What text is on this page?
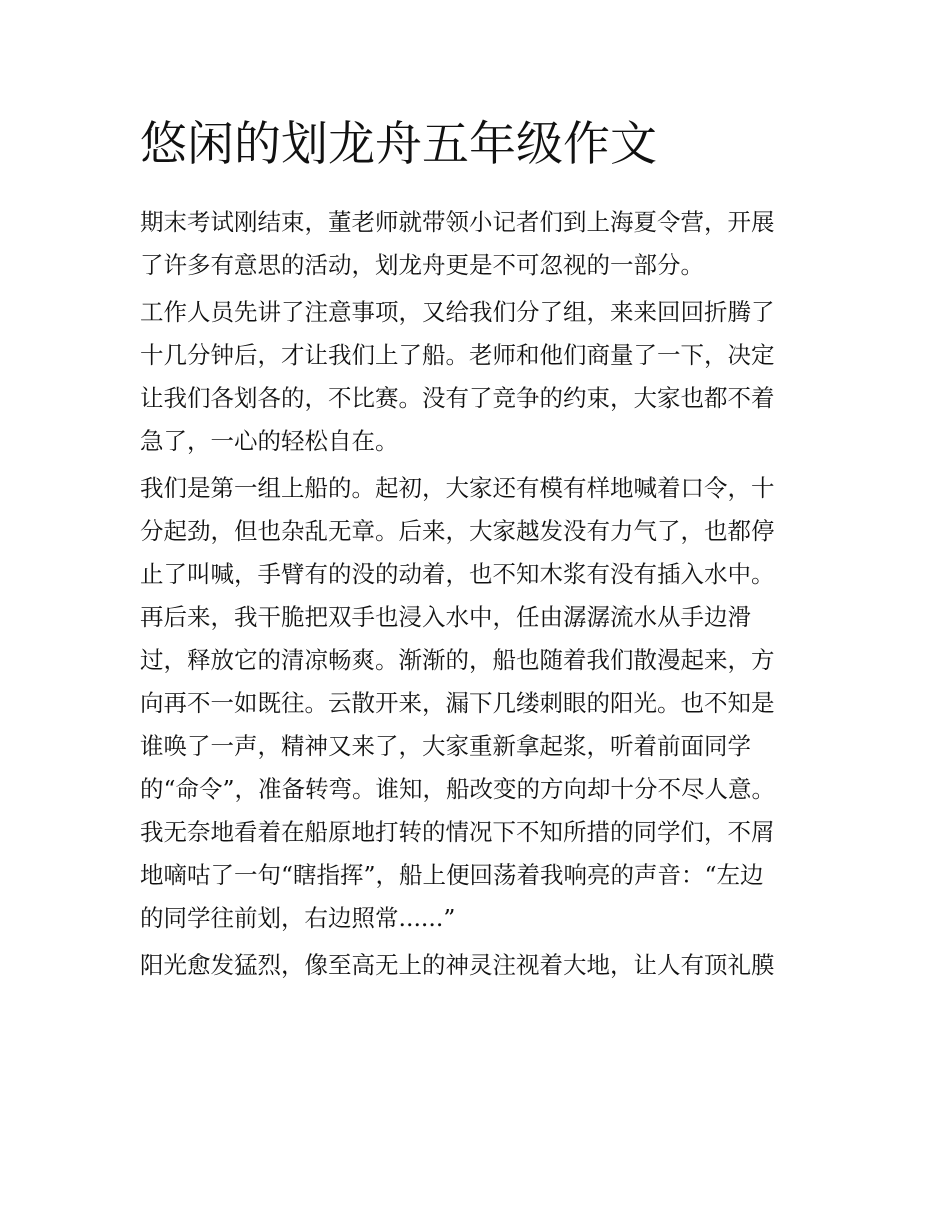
悠闲的划龙舟五年级作文

期末考试刚结束，董老师就带领小记者们到上海夏令营，开展

了许多有意思的活动，划龙舟更是不可忽视的一部分。

工作人员先讲了注意事项，又给我们分了组，来来回回折腾了

十几分钟后，才让我们上了船。老师和他们商量了一下，决定

让我们各划各的，不比赛。没有了竞争的约束，大家也都不着

急了，一心的轻松自在。

我们是第一组上船的。起初，大家还有模有样地喊着口令，十

分起劲，但也杂乱无章。后来，大家越发没有力气了，也都停

止了叫喊，手臂有的没的动着，也不知木浆有没有插入水中。

再后来，我干脆把双手也浸入水中，任由潺潺流水从手边滑

过，释放它的清凉畅爽。渐渐的，船也随着我们散漫起来，方

向再不一如既往。云散开来，漏下几缕刺眼的阳光。也不知是

谁唤了一声，精神又来了，大家重新拿起浆，听着前面同学

的“命令”，准备转弯。谁知，船改变的方向却十分不尽人意。

我无奈地看着在船原地打转的情况下不知所措的同学们，不屑

地嘀咕了一句“瞎指挥”，船上便回荡着我响亮的声音：“左边

的同学往前划，右边照常......”

阳光愈发猛烈，像至高无上的神灵注视着大地，让人有顶礼膜
